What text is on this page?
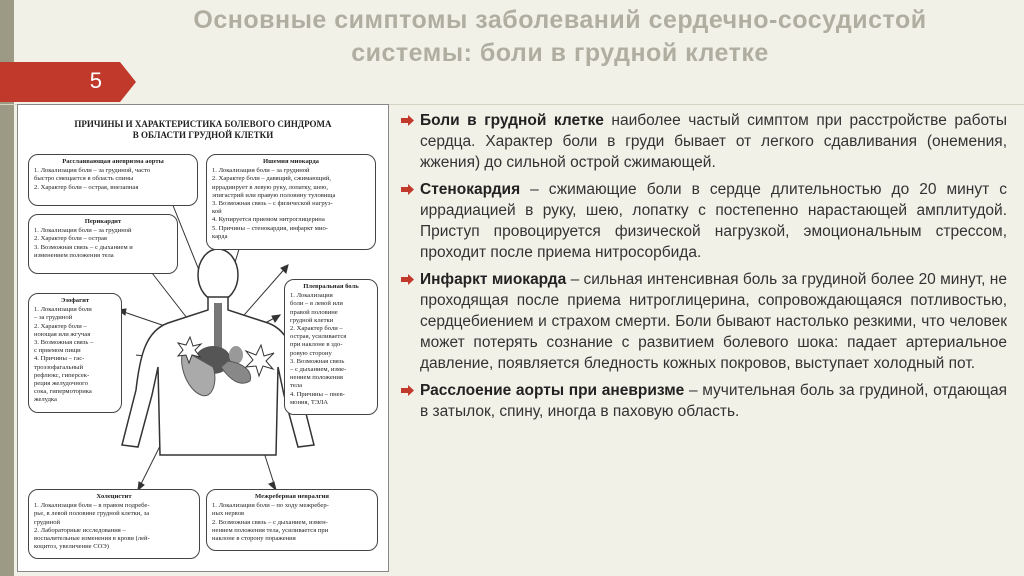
Основные симптомы заболеваний сердечно-сосудистой системы: боли в грудной клетке
5
ПРИЧИНЫ И ХАРАКТЕРИСТИКА БОЛЕВОГО СИНДРОМА
В ОБЛАСТИ ГРУДНОЙ КЛЕТКИ
Расслаивающая аневризма аорты
1. Локализация боли – за грудиной, часто
быстро смещается в область спины
2. Характер боли – острая, внезапная
Ишемия миокарда
1. Локализация боли – за грудиной
2. Характер боли – давящий, сжимающий,
иррадиирует в левую руку, лопатку, шею,
эпигастрий или правую половину туловища
3. Возможная связь – с физической нагруз-
кой
4. Купируется приемом нитроглицерина
5. Причины – стенокардия, инфаркт мио-
карда
Перикардит
1. Локализация боли – за грудиной
2. Характер боли – острая
3. Возможная связь – с дыханием и
изменением положения тела
Эзофагит
1. Локализация боли
– за грудиной
2. Характер боли –
ноющая или жгучая
3. Возможная связь –
с приемом пищи
4. Причины – гас-
троэзофагальный
рефлюкс, гиперсек-
реция желудочного
сока, гипермоторика
желудка
Плевральная боль
1. Локализация
боли – в левой или
правой половине
грудной клетки
2. Характер боли –
острая, усиливается
при наклоне в здо-
ровую сторону
3. Возможная связь
– с дыханием, изме-
нением положения
тела
4. Причины – пнев-
мония, ТЭЛА
Холецистит
1. Локализация боли – в правом подребе-
рье, в левой половине грудной клетки, за
грудиной
2. Лабораторные исследования –
воспалительные изменения в крови (лей-
коцитоз, увеличение СОЭ)
Межреберная невралгия
1. Локализация боли – по ходу межребер-
ных нервов
2. Возможная связь – с дыханием, измен-
нением положения тела, усиливается при
наклоне в сторону поражения
Боли в грудной клетке наиболее частый симптом при расстройстве работы сердца. Характер боли в груди бывает от легкого сдавливания (онемения, жжения) до сильной острой сжимающей.
Стенокардия – сжимающие боли в сердце длительностью до 20 минут с иррадиацией в руку, шею, лопатку с постепенно нарастающей амплитудой. Приступ провоцируется физической нагрузкой, эмоциональным стрессом, проходит после приема нитросорбида.
Инфаркт миокарда – сильная интенсивная боль за грудиной более 20 минут, не проходящая после приема нитроглицерина, сопровождающаяся потливостью, сердцебиением и страхом смерти. Боли бывают настолько резкими, что человек может потерять сознание с развитием болевого шока: падает артериальное давление, появляется бледность кожных покровов, выступает холодный пот.
Расслоение аорты при аневризме – мучительная боль за грудиной, отдающая в затылок, спину, иногда в паховую область.
